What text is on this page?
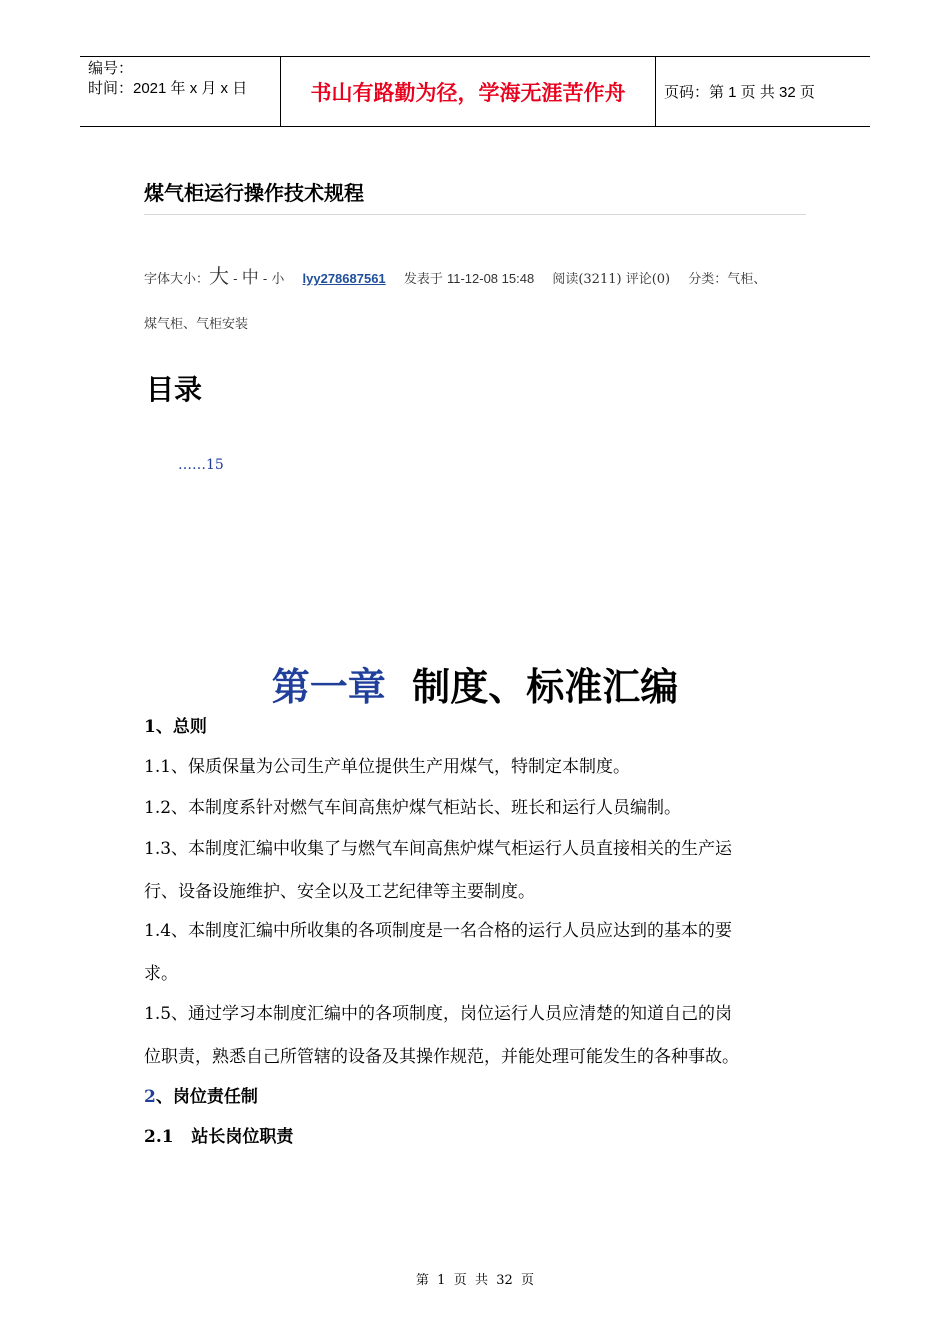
编号：
时间：2021 年 x 月 x 日	书山有路勤为径，学海无涯苦作舟	页码：第 1 页 共 32 页
煤气柜运行操作技术规程
字体大小：大 - 中 - 小 lyy278687561 发表于 11-12-08 15:48 阅读(3211) 评论(0) 分类：气柜、
煤气柜、气柜安装
目录
……15
第一章 制度、标准汇编
1、总则
1.1、保质保量为公司生产单位提供生产用煤气，特制定本制度。
1.2、本制度系针对燃气车间高焦炉煤气柜站长、班长和运行人员编制。
1.3、本制度汇编中收集了与燃气车间高焦炉煤气柜运行人员直接相关的生产运
行、设备设施维护、安全以及工艺纪律等主要制度。
1.4、本制度汇编中所收集的各项制度是一名合格的运行人员应达到的基本的要
求。
1.5、通过学习本制度汇编中的各项制度，岗位运行人员应清楚的知道自己的岗
位职责，熟悉自己所管辖的设备及其操作规范，并能处理可能发生的各种事故。
2、岗位责任制
2.1   站长岗位职责
第  1  页  共  32  页
